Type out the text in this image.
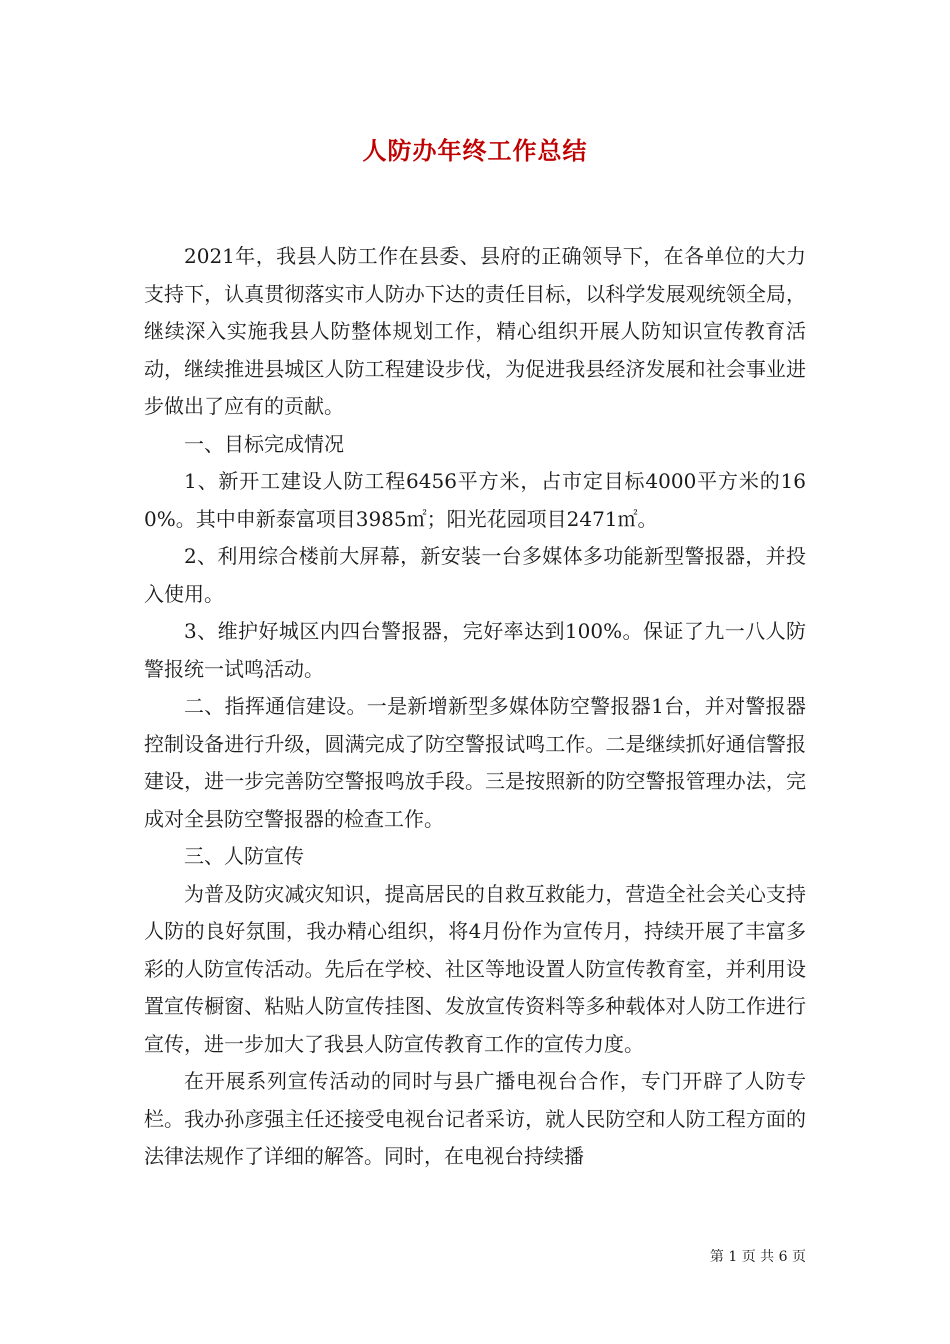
人防办年终工作总结

2021年，我县人防工作在县委、县府的正确领导下，在各单位的大力支持下，认真贯彻落实市人防办下达的责任目标，以科学发展观统领全局，继续深入实施我县人防整体规划工作，精心组织开展人防知识宣传教育活动，继续推进县城区人防工程建设步伐，为促进我县经济发展和社会事业进步做出了应有的贡献。

一、目标完成情况

1、新开工建设人防工程6456平方米，占市定目标4000平方米的160%。其中申新泰富项目3985㎡；阳光花园项目2471㎡。

2、利用综合楼前大屏幕，新安装一台多媒体多功能新型警报器，并投入使用。

3、维护好城区内四台警报器，完好率达到100%。保证了九一八人防警报统一试鸣活动。

二、指挥通信建设。一是新增新型多媒体防空警报器1台，并对警报器控制设备进行升级，圆满完成了防空警报试鸣工作。二是继续抓好通信警报建设，进一步完善防空警报鸣放手段。三是按照新的防空警报管理办法，完成对全县防空警报器的检查工作。

三、人防宣传

为普及防灾减灾知识，提高居民的自救互救能力，营造全社会关心支持人防的良好氛围，我办精心组织，将4月份作为宣传月，持续开展了丰富多彩的人防宣传活动。先后在学校、社区等地设置人防宣传教育室，并利用设置宣传橱窗、粘贴人防宣传挂图、发放宣传资料等多种载体对人防工作进行宣传，进一步加大了我县人防宣传教育工作的宣传力度。

在开展系列宣传活动的同时与县广播电视台合作，专门开辟了人防专栏。我办孙彦强主任还接受电视台记者采访，就人民防空和人防工程方面的法律法规作了详细的解答。同时，在电视台持续播

第 1 页 共 6 页
